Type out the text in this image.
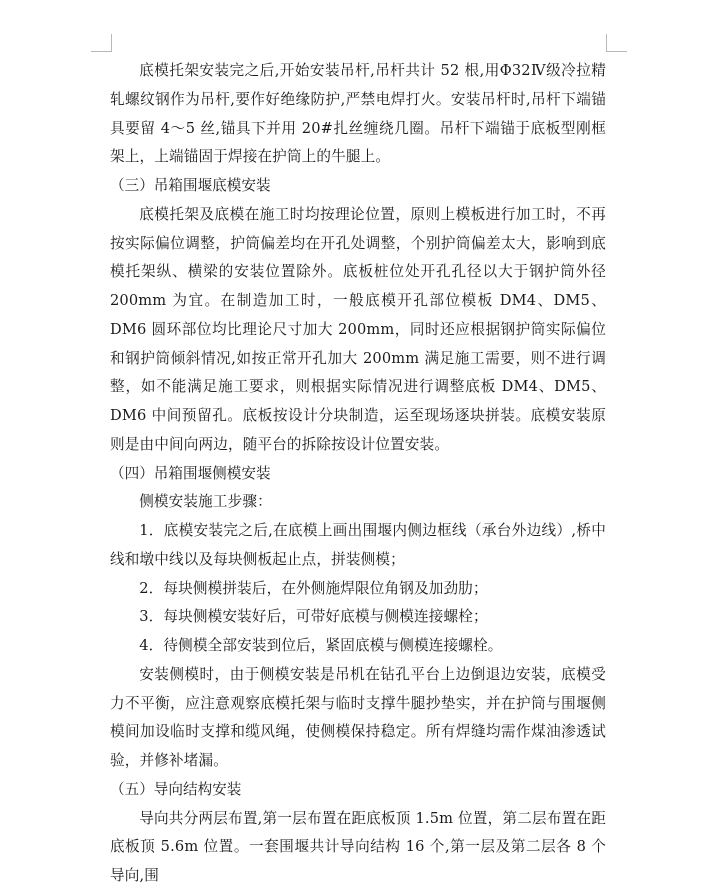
底模托架安装完之后,开始安装吊杆,吊杆共计 52 根,用Φ32Ⅳ级冷拉精轧螺纹钢作为吊杆,要作好绝缘防护,严禁电焊打火。安装吊杆时,吊杆下端锚具要留 4～5 丝,锚具下并用 20#扎丝缠绕几圈。吊杆下端锚于底板型刚框架上，上端锚固于焊接在护筒上的牛腿上。

（三）吊箱围堰底模安装

底模托架及底模在施工时均按理论位置，原则上模板进行加工时，不再按实际偏位调整，护筒偏差均在开孔处调整，个别护筒偏差太大，影响到底模托架纵、横梁的安装位置除外。底板桩位处开孔孔径以大于钢护筒外径 200mm 为宜。在制造加工时，一般底模开孔部位模板 DM4、DM5、DM6 圆环部位均比理论尺寸加大 200mm，同时还应根据钢护筒实际偏位和钢护筒倾斜情况,如按正常开孔加大 200mm 满足施工需要，则不进行调整，如不能满足施工要求，则根据实际情况进行调整底板 DM4、DM5、DM6 中间预留孔。底板按设计分块制造，运至现场逐块拼装。底模安装原则是由中间向两边，随平台的拆除按设计位置安装。

（四）吊箱围堰侧模安装

侧模安装施工步骤：

1．底模安装完之后,在底模上画出围堰内侧边框线（承台外边线）,桥中线和墩中线以及每块侧板起止点，拼装侧模；

2．每块侧模拼装后，在外侧施焊限位角钢及加劲肋；

3．每块侧模安装好后，可带好底模与侧模连接螺栓；

4．待侧模全部安装到位后，紧固底模与侧模连接螺栓。

安装侧模时，由于侧模安装是吊机在钻孔平台上边倒退边安装，底模受力不平衡，应注意观察底模托架与临时支撑牛腿抄垫实，并在护筒与围堰侧模间加设临时支撑和缆风绳，使侧模保持稳定。所有焊缝均需作煤油渗透试验，并修补堵漏。

（五）导向结构安装

导向共分两层布置,第一层布置在距底板顶 1.5m 位置，第二层布置在距底板顶 5.6m 位置。一套围堰共计导向结构 16 个,第一层及第二层各 8 个导向,围
